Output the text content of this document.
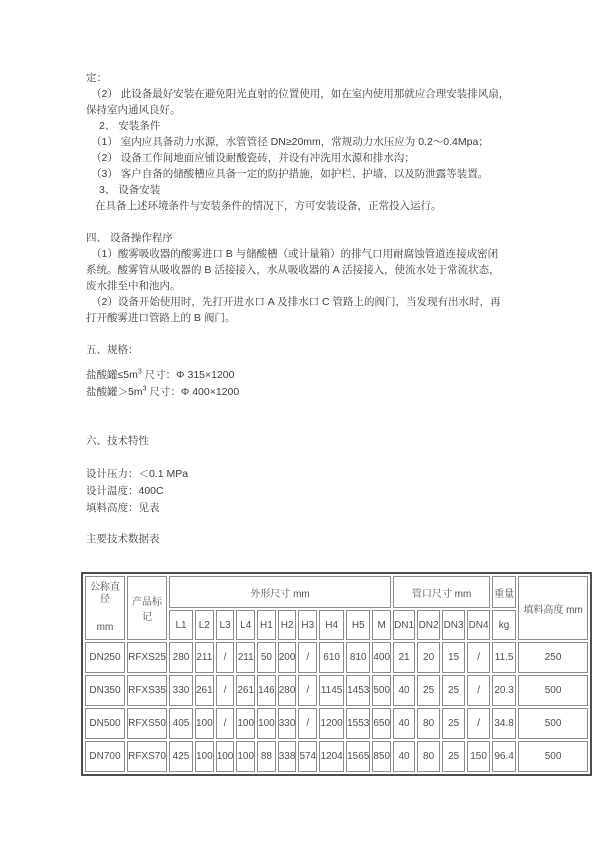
定：
（2） 此设备最好安装在避免阳光直射的位置使用，如在室内使用那就应合理安装排风扇，
保持室内通风良好。
2、 安装条件
（1） 室内应具备动力水源，水管管径 DN≥20mm，常规动力水压应为 0.2～0.4Mpa；
（2） 设备工作间地面应铺设耐酸瓷砖，并设有冲洗用水源和排水沟；
（3） 客户自备的储酸槽应具备一定的防护措施，如护栏、护墙、以及防泄露等装置。
3、 设备安装
在具备上述环境条件与安装条件的情况下，方可安装设备，正常投入运行。
四、 设备操作程序
（1）酸雾吸收器的酸雾进口 B 与储酸槽（或计量箱）的排气口用耐腐蚀管道连接成密闭
系统。酸雾管从吸收器的 B 活接接入，水从吸收器的 A 活接接入，使流水处于常流状态，
废水排至中和池内。
（2）设备开始使用时，先打开进水口 A 及排水口 C 管路上的阀门，当发现有出水时，再
打开酸雾进口管路上的 B 阀门。
五、规格：
盐酸罐$\le 5m^3$ 尺寸：Φ 315×1200
盐酸罐$>5m^3$ 尺寸：Φ 400×1200
六、技术特性
设计压力：＜0.1 MPa
设计温度：400C
填料高度：见表
主要技术数据表
公称直径
mm	产品标记	外形尺寸 mm										管口尺寸 mm				重量	填料高度 mm
		L1	L2	L3	L4	H1	H2	H3	H4	H5	M	DN1	DN2	DN3	DN4	kg	
DN250	RFXS25	280	211	/	211	50	200	/	610	810	400	21	20	15	/	11.5	250
DN350	RFXS35	330	261	/	261	146	280	/	1145	1453	500	40	25	25	/	20.3	500
DN500	RFXS50	405	100	/	100	100	330	/	1200	1553	650	40	80	25	/	34.8	500
DN700	RFXS70	425	100	100	100	88	338	574	1204	1565	850	40	80	25	150	96.4	500
